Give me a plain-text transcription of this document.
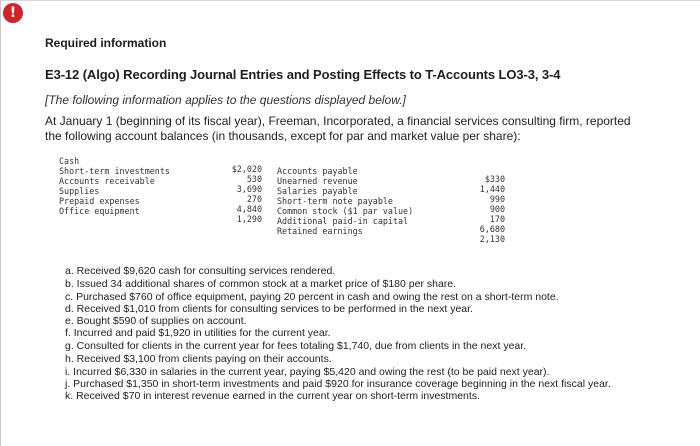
!
Required information
E3-12 (Algo) Recording Journal Entries and Posting Effects to T-Accounts LO3-3, 3-4
[The following information applies to the questions displayed below.]
At January 1 (beginning of its fiscal year), Freeman, Incorporated, a financial services consulting firm, reported the following account balances (in thousands, except for par and market value per share):
Cash
Short-term investments
Accounts receivable
Supplies
Prepaid expenses
Office equipment
$2,020
530
3,690
270
4,840
1,290
Accounts payable
Unearned revenue
Salaries payable
Short-term note payable
Common stock ($1 par value)
Additional paid-in capital
Retained earnings
$330
1,440
990
900
170
6,680
2,130
a. Received $9,620 cash for consulting services rendered.
b. Issued 34 additional shares of common stock at a market price of $180 per share.
c. Purchased $760 of office equipment, paying 20 percent in cash and owing the rest on a short-term note.
d. Received $1,010 from clients for consulting services to be performed in the next year.
e. Bought $590 of supplies on account.
f. Incurred and paid $1,920 in utilities for the current year.
g. Consulted for clients in the current year for fees totaling $1,740, due from clients in the next year.
h. Received $3,100 from clients paying on their accounts.
i. Incurred $6,330 in salaries in the current year, paying $5,420 and owing the rest (to be paid next year).
j. Purchased $1,350 in short-term investments and paid $920 for insurance coverage beginning in the next fiscal year.
k. Received $70 in interest revenue earned in the current year on short-term investments.
